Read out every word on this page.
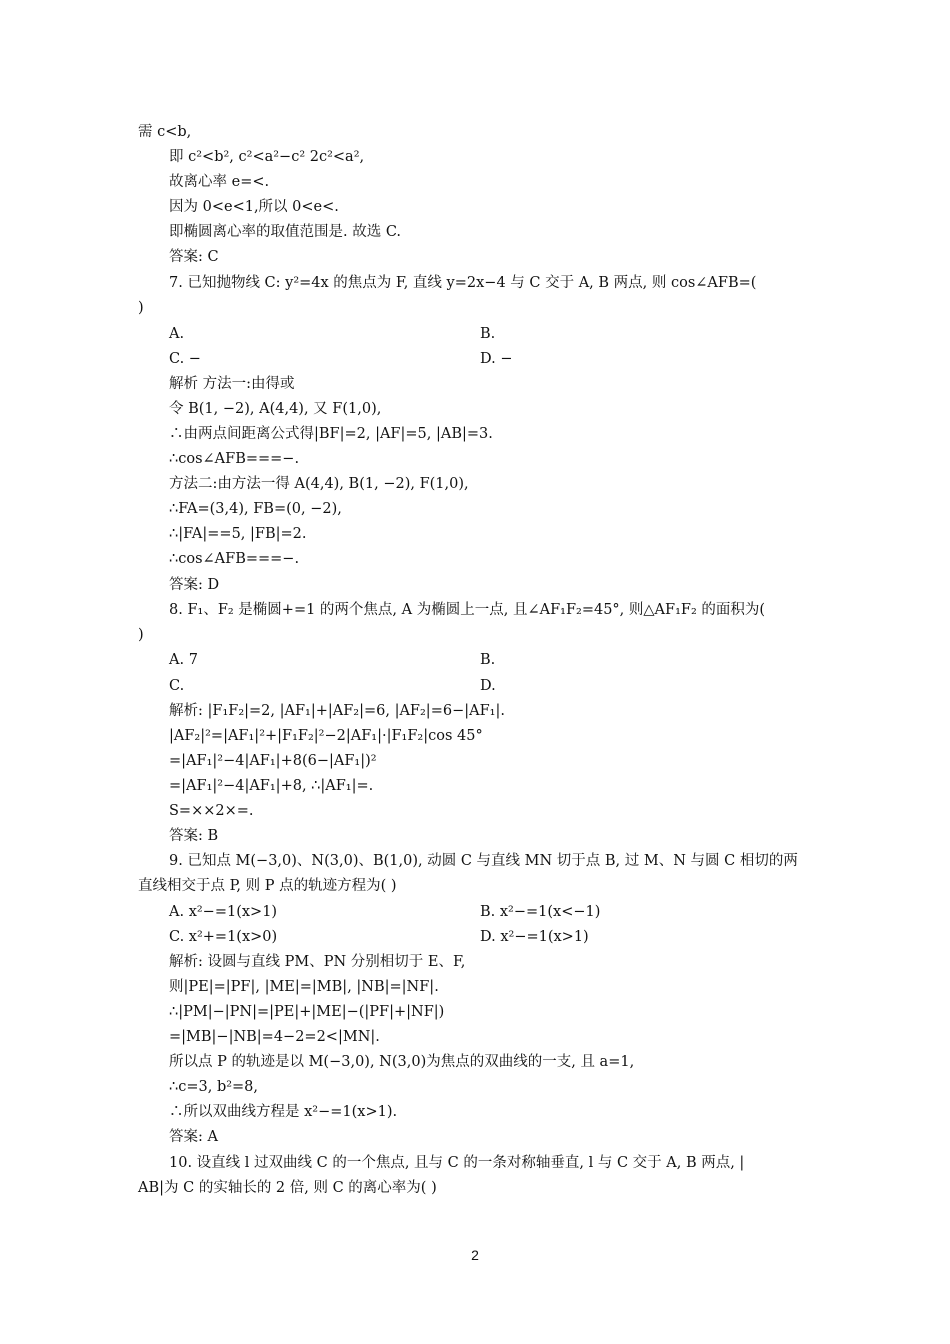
需 c<b,
即 c²<b², c²<a²−c² 2c²<a²,
故离心率 e=<.
因为 0<e<1,所以 0<e<.
即椭圆离心率的取值范围是. 故选 C.
答案: C
7. 已知抛物线 C: y²=4x 的焦点为 F, 直线 y=2x−4 与 C 交于 A, B 两点, 则 cos∠AFB=(
)
A.	B.
C. −	D. −
解析 方法一:由得或
令 B(1, −2), A(4,4), 又 F(1,0),
∴由两点间距离公式得|BF|=2, |AF|=5, |AB|=3.
∴cos∠AFB===−.
方法二:由方法一得 A(4,4), B(1, −2), F(1,0),
∴FA=(3,4), FB=(0, −2),
∴|FA|==5, |FB|=2.
∴cos∠AFB===−.
答案: D
8. F₁、F₂ 是椭圆+=1 的两个焦点, A 为椭圆上一点, 且∠AF₁F₂=45°, 则△AF₁F₂ 的面积为(
)
A. 7	B.
C.	D.
解析: |F₁F₂|=2, |AF₁|+|AF₂|=6, |AF₂|=6−|AF₁|.
|AF₂|²=|AF₁|²+|F₁F₂|²−2|AF₁|·|F₁F₂|cos 45°
=|AF₁|²−4|AF₁|+8(6−|AF₁|)²
=|AF₁|²−4|AF₁|+8, ∴|AF₁|=.
S=××2×=.
答案: B
9. 已知点 M(−3,0)、N(3,0)、B(1,0), 动圆 C 与直线 MN 切于点 B, 过 M、N 与圆 C 相切的两
直线相交于点 P, 则 P 点的轨迹方程为( )
A. x²−=1(x>1)	B. x²−=1(x<−1)
C. x²+=1(x>0)	D. x²−=1(x>1)
解析: 设圆与直线 PM、PN 分别相切于 E、F,
则|PE|=|PF|, |ME|=|MB|, |NB|=|NF|.
∴|PM|−|PN|=|PE|+|ME|−(|PF|+|NF|)
=|MB|−|NB|=4−2=2<|MN|.
所以点 P 的轨迹是以 M(−3,0), N(3,0)为焦点的双曲线的一支, 且 a=1,
∴c=3, b²=8,
∴所以双曲线方程是 x²−=1(x>1).
答案: A
10. 设直线 l 过双曲线 C 的一个焦点, 且与 C 的一条对称轴垂直, l 与 C 交于 A, B 两点, |
AB|为 C 的实轴长的 2 倍, 则 C 的离心率为( )
2
